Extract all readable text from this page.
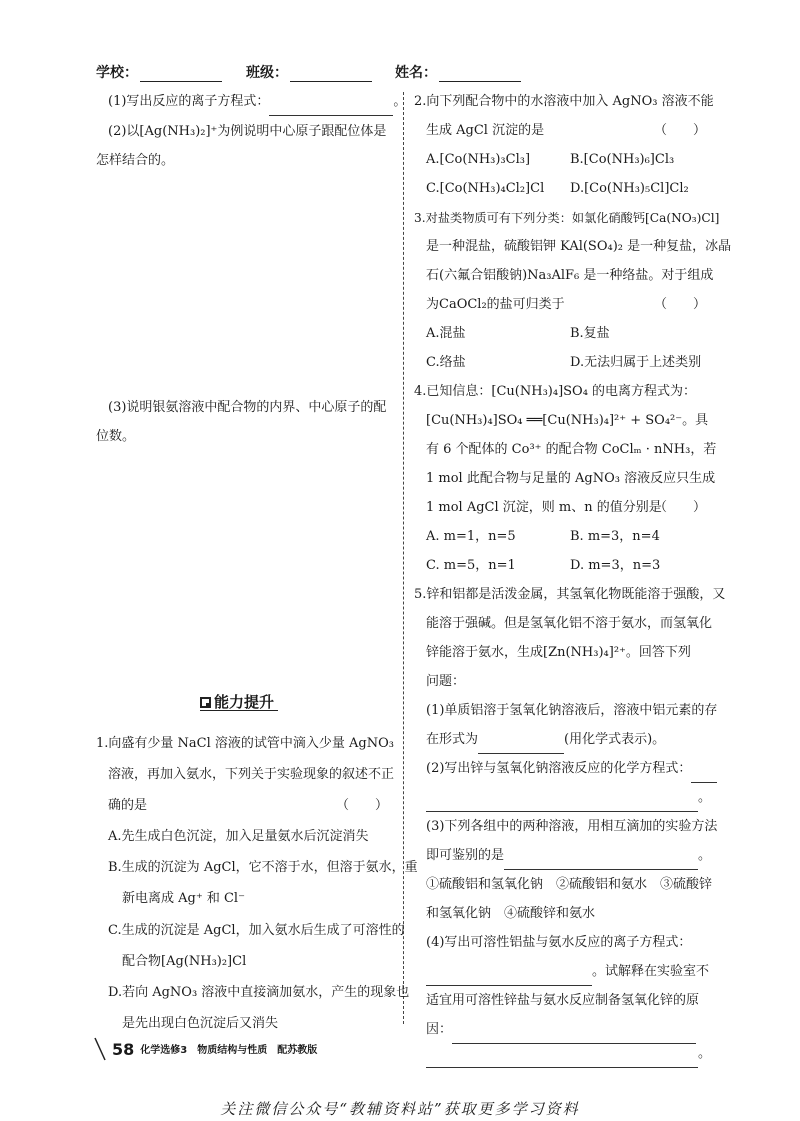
学校：	班级：	姓名：
(1)写出反应的离子方程式：	。
(2)以[Ag(NH₃)₂]⁺为例说明中心原子跟配位体是
怎样结合的。
(3)说明银氨溶液中配合物的内界、中心原子的配
位数。
能力提升
1.向盛有少量 NaCl 溶液的试管中滴入少量 AgNO₃
溶液，再加入氨水，下列关于实验现象的叙述不正
确的是	（　　）
A.先生成白色沉淀，加入足量氨水后沉淀消失
B.生成的沉淀为 AgCl，它不溶于水，但溶于氨水，重
新电离成 Ag⁺ 和 Cl⁻
C.生成的沉淀是 AgCl，加入氨水后生成了可溶性的
配合物[Ag(NH₃)₂]Cl
D.若向 AgNO₃ 溶液中直接滴加氨水，产生的现象也
是先出现白色沉淀后又消失
2.向下列配合物中的水溶液中加入 AgNO₃ 溶液不能
生成 AgCl 沉淀的是	（　　）
A.[Co(NH₃)₃Cl₃]	B.[Co(NH₃)₆]Cl₃
C.[Co(NH₃)₄Cl₂]Cl D.[Co(NH₃)₅Cl]Cl₂
3.对盐类物质可有下列分类：如氯化硝酸钙[Ca(NO₃)Cl]
是一种混盐，硫酸铝钾 KAl(SO₄)₂ 是一种复盐，冰晶
石(六氟合铝酸钠)Na₃AlF₆ 是一种络盐。对于组成
为CaOCl₂的盐可归类于	（　　）
A.混盐	B.复盐
C.络盐	D.无法归属于上述类别
4.已知信息：[Cu(NH₃)₄]SO₄ 的电离方程式为：
[Cu(NH₃)₄]SO₄ ══[Cu(NH₃)₄]²⁺ + SO₄²⁻。具
有 6 个配体的 Co³⁺ 的配合物 CoClₘ · nNH₃，若
1 mol 此配合物与足量的 AgNO₃ 溶液反应只生成
1 mol AgCl 沉淀，则 m、n 的值分别是
（　　）
A. m=1，n=5	B. m=3，n=4
C. m=5，n=1	D. m=3，n=3
5.锌和铝都是活泼金属，其氢氧化物既能溶于强酸，又
能溶于强碱。但是氢氧化铝不溶于氨水，而氢氧化
锌能溶于氨水，生成[Zn(NH₃)₄]²⁺。回答下列
问题：
(1)单质铝溶于氢氧化钠溶液后，溶液中铝元素的存
在形式为	(用化学式表示)。
(2)写出锌与氢氧化钠溶液反应的化学方程式：
。
(3)下列各组中的两种溶液，用相互滴加的实验方法
即可鉴别的是	。
①硫酸铝和氢氧化钠　②硫酸铝和氨水　③硫酸锌
和氢氧化钠　④硫酸锌和氨水
(4)写出可溶性铝盐与氨水反应的离子方程式：
。试解释在实验室不
适宜用可溶性锌盐与氨水反应制备氢氧化锌的原
因：
。
58 化学选修3　物质结构与性质　配苏教版
关注微信公众号“教辅资料站”获取更多学习资料
